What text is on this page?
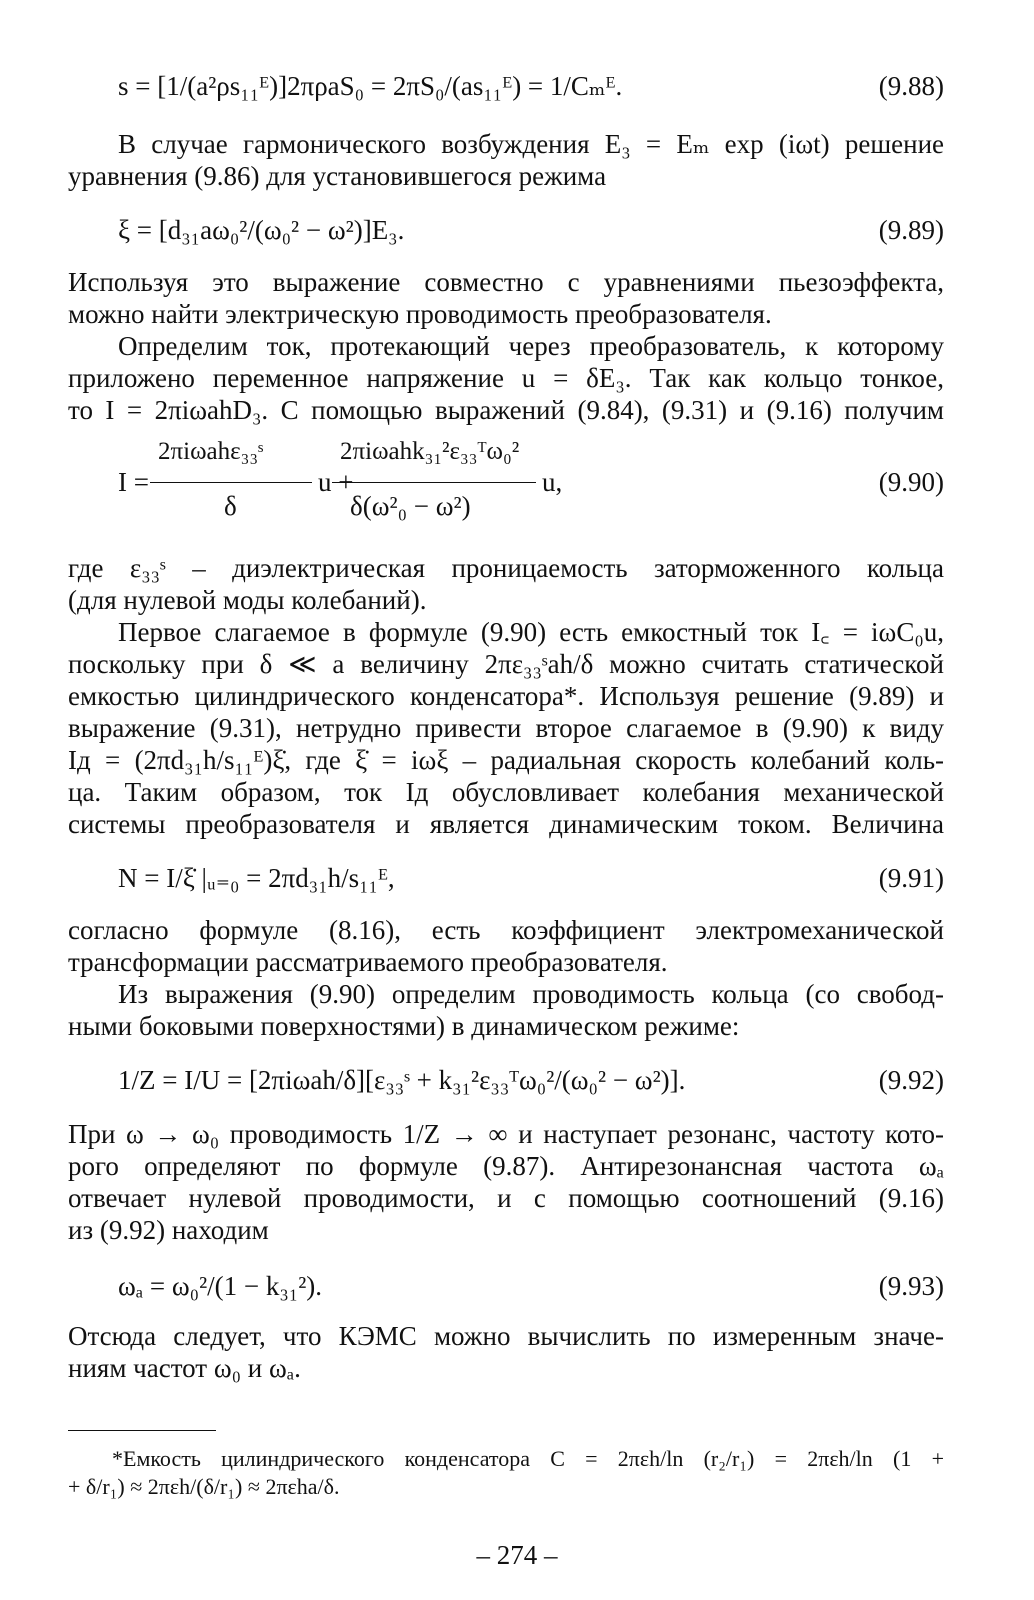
s = [1/(a²ρs₁₁ᴱ)]2πρaS₀ = 2πS₀/(as₁₁ᴱ) = 1/Cₘᴱ.	(9.88)
В случае гармонического возбуждения E₃ = Eₘ exp (iωt) решение
уравнения (9.86) для установившегося режима
ξ = [d₃₁aω₀²/(ω₀² − ω²)]E₃.	(9.89)
Используя это выражение совместно с уравнениями пьезоэффекта,
можно найти электрическую проводимость преобразователя.
Определим ток, протекающий через преобразователь, к которому
приложено переменное напряжение u = δE₃. Так как кольцо тонкое,
то I = 2πiωahD₃. С помощью выражений (9.84), (9.31) и (9.16) получим
I =
2πiωahε₃₃ˢ
δ
u +
2πiωahk₃₁²ε₃₃ᵀω₀²
δ(ω²₀ − ω²)
u,	(9.90)
где ε₃₃ˢ – диэлектрическая проницаемость заторможенного кольца
(для нулевой моды колебаний).
Первое слагаемое в формуле (9.90) есть емкостный ток I꜀ = iωC₀u,
поскольку при δ ≪ a величину 2πε₃₃ˢah/δ можно считать статической
емкостью цилиндрического конденсатора*. Используя решение (9.89) и
выражение (9.31), нетрудно привести второе слагаемое в (9.90) к виду
Iд = (2πd₃₁h/s₁₁ᴱ)ξ̇, где ξ̇ = iωξ – радиальная скорость колебаний коль-
ца. Таким образом, ток Iд обусловливает колебания механической
системы преобразователя и является динамическим током. Величина
N = I/ξ̇ |ᵤ₌₀ = 2πd₃₁h/s₁₁ᴱ,	(9.91)
согласно формуле (8.16), есть коэффициент электромеханической
трансформации рассматриваемого преобразователя.
Из выражения (9.90) определим проводимость кольца (со свобод-
ными боковыми поверхностями) в динамическом режиме:
1/Z = I/U = [2πiωah/δ][ε₃₃ˢ + k₃₁²ε₃₃ᵀω₀²/(ω₀² − ω²)].	(9.92)
При ω → ω₀ проводимость 1/Z → ∞ и наступает резонанс, частоту кото-
рого определяют по формуле (9.87). Антирезонансная частота ωₐ
отвечает нулевой проводимости, и с помощью соотношений (9.16)
из (9.92) находим
ωₐ = ω₀²/(1 − k₃₁²).	(9.93)
Отсюда следует, что КЭМС можно вычислить по измеренным значе-
ниям частот ω₀ и ωₐ.
*Емкость цилиндрического конденсатора C = 2πεh/ln (r₂/r₁) = 2πεh/ln (1 +
+ δ/r₁) ≈ 2πεh/(δ/r₁) ≈ 2πεha/δ.
– 274 –
